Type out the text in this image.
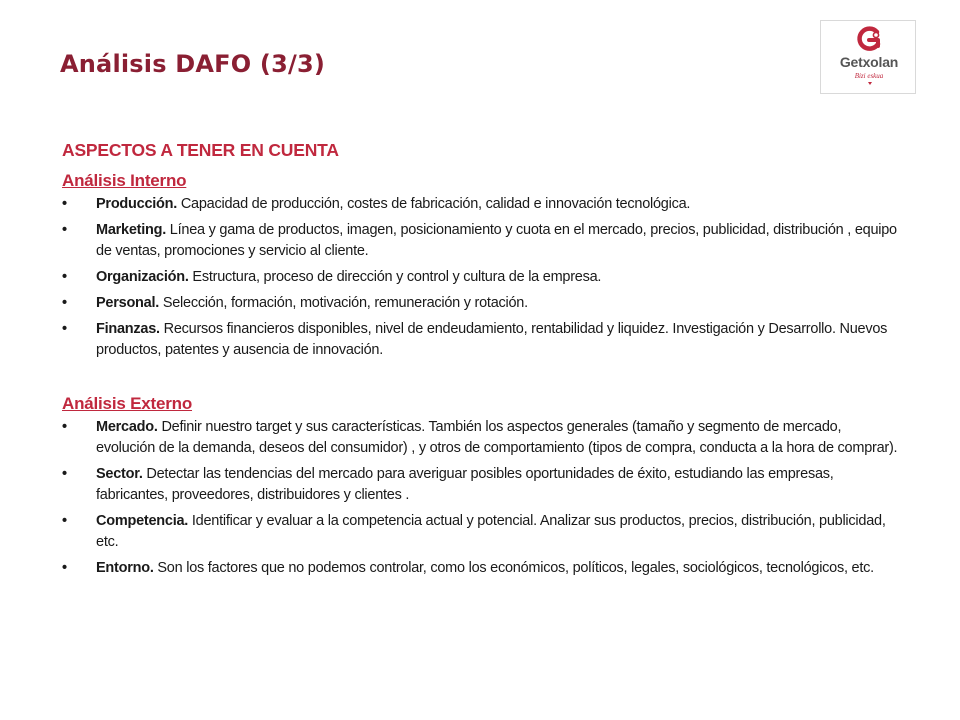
Análisis DAFO (3/3)	Getxolan
Bizi eskua
ASPECTOS A TENER EN CUENTA
Análisis Interno
• Producción. Capacidad de producción, costes de fabricación, calidad e innovación tecnológica.
• Marketing. Línea y gama de productos, imagen, posicionamiento y cuota en el mercado, precios, publicidad, distribución , equipo de ventas, promociones y servicio al cliente.
• Organización. Estructura, proceso de dirección y control y cultura de la empresa.
• Personal. Selección, formación, motivación, remuneración y rotación.
• Finanzas. Recursos financieros disponibles, nivel de endeudamiento, rentabilidad y liquidez. Investigación y Desarrollo. Nuevos productos, patentes y ausencia de innovación.
Análisis Externo
• Mercado. Definir nuestro target y sus características. También los aspectos generales (tamaño y segmento de mercado, evolución de la demanda, deseos del consumidor) , y otros de comportamiento (tipos de compra, conducta a la hora de comprar).
• Sector. Detectar las tendencias del mercado para averiguar posibles oportunidades de éxito, estudiando las empresas, fabricantes, proveedores, distribuidores y clientes .
• Competencia. Identificar y evaluar a la competencia actual y potencial. Analizar sus productos, precios, distribución, publicidad, etc.
• Entorno. Son los factores que no podemos controlar, como los económicos, políticos, legales, sociológicos, tecnológicos, etc.
